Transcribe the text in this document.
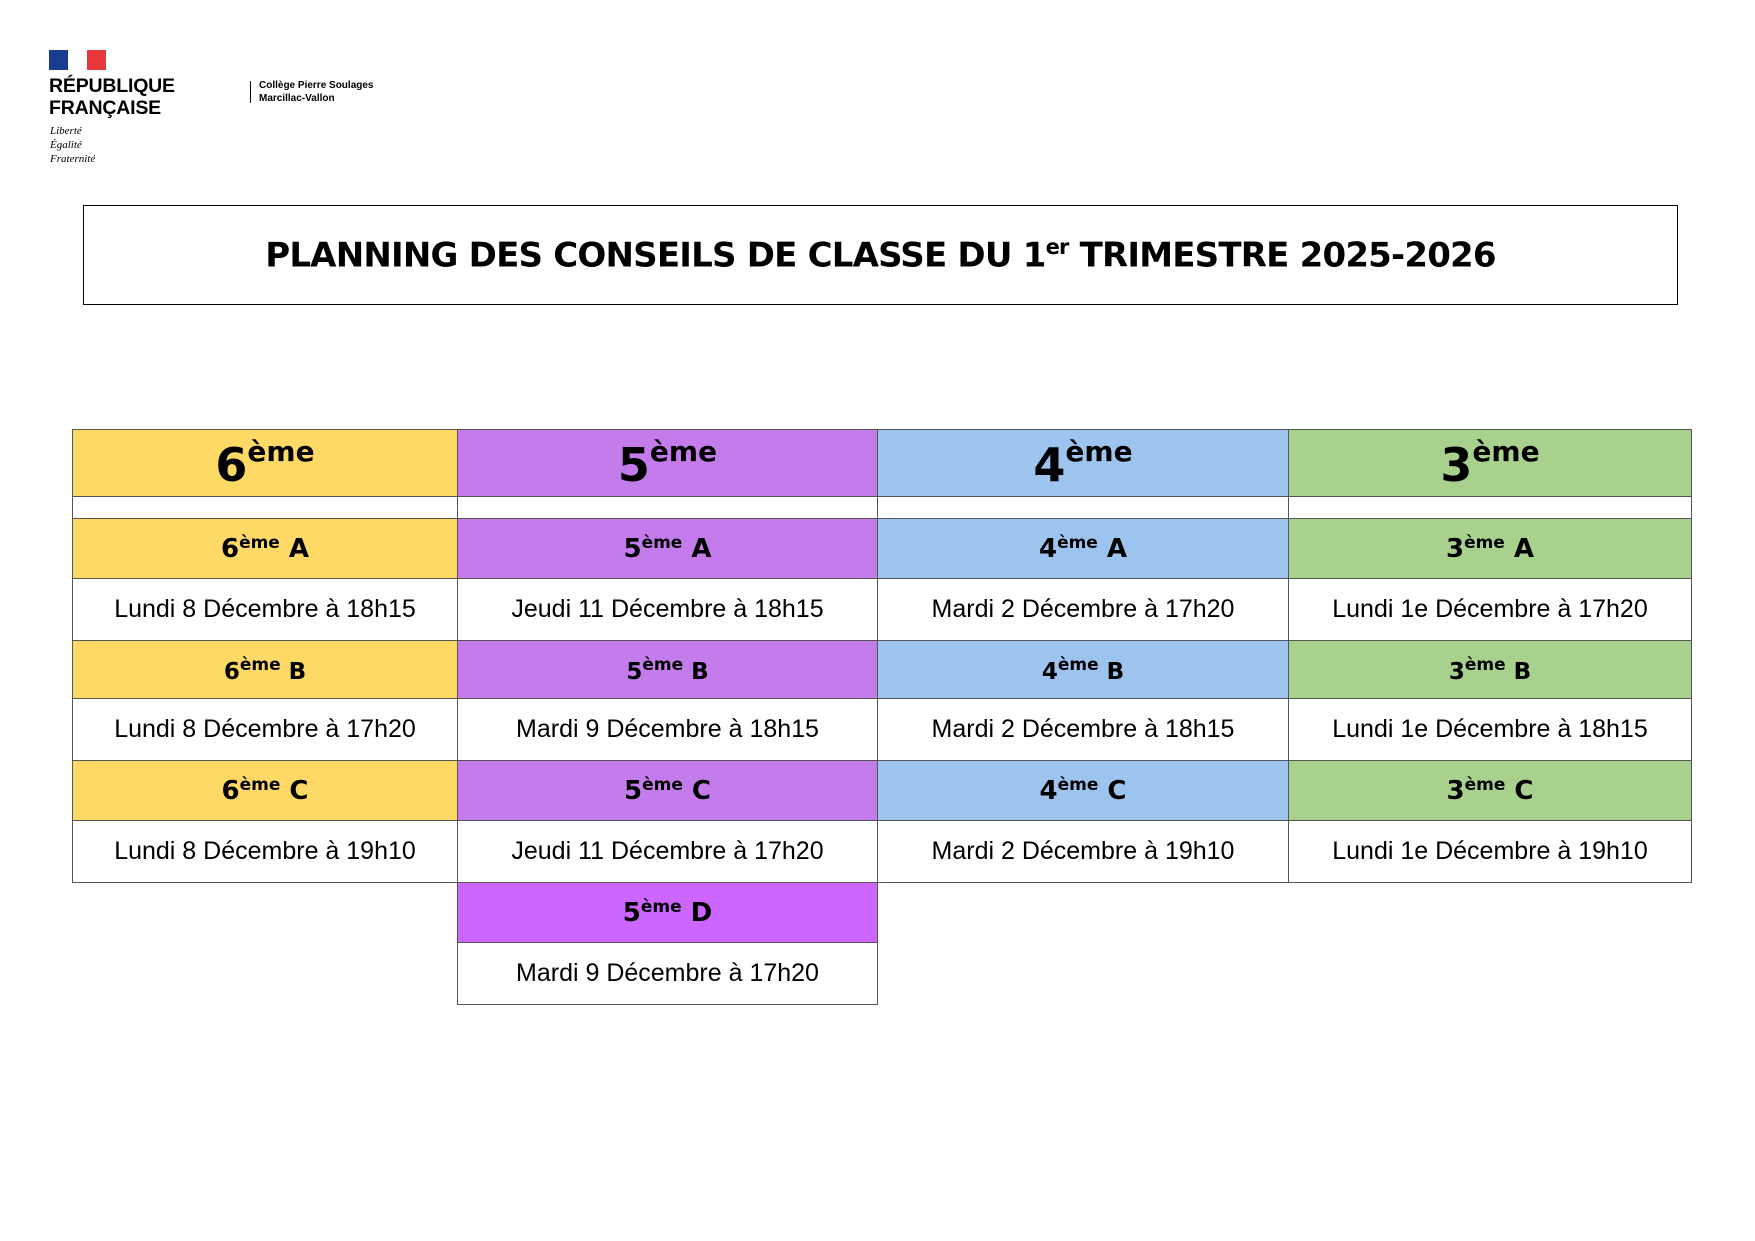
RÉPUBLIQUE
FRANÇAISE
Liberté
Égalité
Fraternité
Collège Pierre Soulages
Marcillac-Vallon
PLANNING DES CONSEILS DE CLASSE DU 1er TRIMESTRE 2025-2026
6ème
6ème A
Lundi 8 Décembre à 18h15
6ème B
Lundi 8 Décembre à 17h20
6ème C
Lundi 8 Décembre à 19h10
5ème
5ème A
Jeudi 11 Décembre à 18h15
5ème B
Mardi 9 Décembre à 18h15
5ème C
Jeudi 11 Décembre à 17h20
5ème D
Mardi 9 Décembre à 17h20
4ème
4ème A
Mardi 2 Décembre à 17h20
4ème B
Mardi 2 Décembre à 18h15
4ème C
Mardi 2 Décembre à 19h10
3ème
3ème A
Lundi 1e Décembre à 17h20
3ème B
Lundi 1e Décembre à 18h15
3ème C
Lundi 1e Décembre à 19h10
